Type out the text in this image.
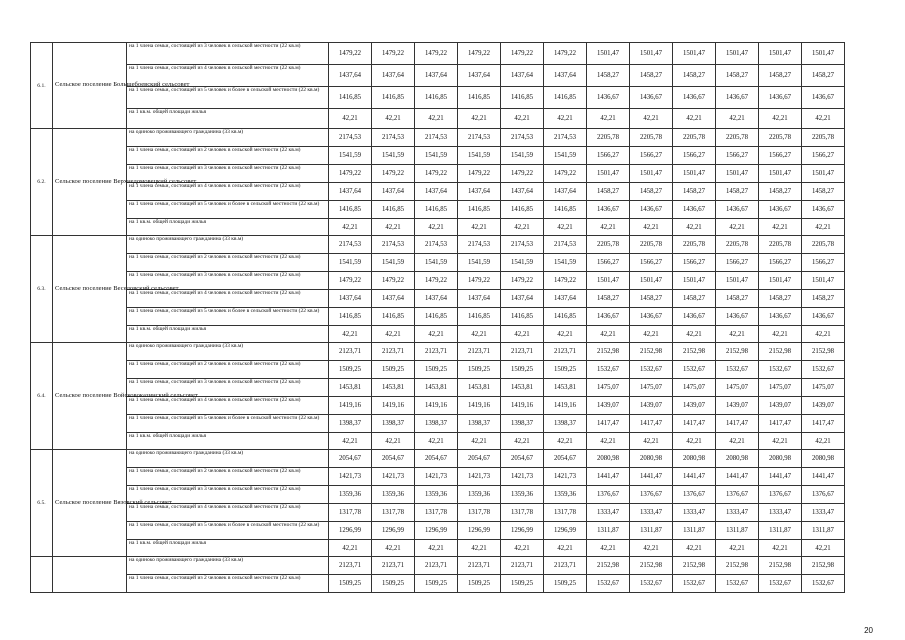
6.1.	Сельское поселение Большебоевский сельсовет	на 1 члена семьи, состоящей из 3 человек в сельской местности (22 кв.м)	1479,22	1479,22	1479,22	1479,22	1479,22	1479,22	1501,47	1501,47	1501,47	1501,47	1501,47	1501,47
		на 1 члена семьи, состоящей из 4 человек в сельской местности (22 кв.м)	1437,64	1437,64	1437,64	1437,64	1437,64	1437,64	1458,27	1458,27	1458,27	1458,27	1458,27	1458,27
		на 1 члена семьи, состоящей из 5 человек и более в сельской местности (22 кв.м)	1416,85	1416,85	1416,85	1416,85	1416,85	1416,85	1436,67	1436,67	1436,67	1436,67	1436,67	1436,67
		на 1 кв.м. общей площади жилья	42,21	42,21	42,21	42,21	42,21	42,21	42,21	42,21	42,21	42,21	42,21	42,21
6.2.	Сельское поселение Верхнедомовецкий сельсовет	на одиноко проживающего гражданина (33 кв.м)	2174,53	2174,53	2174,53	2174,53	2174,53	2174,53	2205,78	2205,78	2205,78	2205,78	2205,78	2205,78
		на 1 члена семьи, состоящей из 2 человек в сельской местности (22 кв.м)	1541,59	1541,59	1541,59	1541,59	1541,59	1541,59	1566,27	1566,27	1566,27	1566,27	1566,27	1566,27
		на 1 члена семьи, состоящей из 3 человек в сельской местности (22 кв.м)	1479,22	1479,22	1479,22	1479,22	1479,22	1479,22	1501,47	1501,47	1501,47	1501,47	1501,47	1501,47
		на 1 члена семьи, состоящей из 4 человек в сельской местности (22 кв.м)	1437,64	1437,64	1437,64	1437,64	1437,64	1437,64	1458,27	1458,27	1458,27	1458,27	1458,27	1458,27
		на 1 члена семьи, состоящей из 5 человек и более в сельской местности (22 кв.м)	1416,85	1416,85	1416,85	1416,85	1416,85	1416,85	1436,67	1436,67	1436,67	1436,67	1436,67	1436,67
		на 1 кв.м. общей площади жилья	42,21	42,21	42,21	42,21	42,21	42,21	42,21	42,21	42,21	42,21	42,21	42,21
6.3.	Сельское поселение Веселовский сельсовет	на одиноко проживающего гражданина (33 кв.м)	2174,53	2174,53	2174,53	2174,53	2174,53	2174,53	2205,78	2205,78	2205,78	2205,78	2205,78	2205,78
		на 1 члена семьи, состоящей из 2 человек в сельской местности (22 кв.м)	1541,59	1541,59	1541,59	1541,59	1541,59	1541,59	1566,27	1566,27	1566,27	1566,27	1566,27	1566,27
		на 1 члена семьи, состоящей из 3 человек в сельской местности (22 кв.м)	1479,22	1479,22	1479,22	1479,22	1479,22	1479,22	1501,47	1501,47	1501,47	1501,47	1501,47	1501,47
		на 1 члена семьи, состоящей из 4 человек в сельской местности (22 кв.м)	1437,64	1437,64	1437,64	1437,64	1437,64	1437,64	1458,27	1458,27	1458,27	1458,27	1458,27	1458,27
		на 1 члена семьи, состоящей из 5 человек и более в сельской местности (22 кв.м)	1416,85	1416,85	1416,85	1416,85	1416,85	1416,85	1436,67	1436,67	1436,67	1436,67	1436,67	1436,67
		на 1 кв.м. общей площади жилья	42,21	42,21	42,21	42,21	42,21	42,21	42,21	42,21	42,21	42,21	42,21	42,21
6.4.	Сельское поселение Войсковоказинский сельсовет	на одиноко проживающего гражданина (33 кв.м)	2123,71	2123,71	2123,71	2123,71	2123,71	2123,71	2152,98	2152,98	2152,98	2152,98	2152,98	2152,98
		на 1 члена семьи, состоящей из 2 человек в сельской местности (22 кв.м)	1509,25	1509,25	1509,25	1509,25	1509,25	1509,25	1532,67	1532,67	1532,67	1532,67	1532,67	1532,67
		на 1 члена семьи, состоящей из 3 человек в сельской местности (22 кв.м)	1453,81	1453,81	1453,81	1453,81	1453,81	1453,81	1475,07	1475,07	1475,07	1475,07	1475,07	1475,07
		на 1 члена семьи, состоящей из 4 человек в сельской местности (22 кв.м)	1419,16	1419,16	1419,16	1419,16	1419,16	1419,16	1439,07	1439,07	1439,07	1439,07	1439,07	1439,07
		на 1 члена семьи, состоящей из 5 человек и более в сельской местности (22 кв.м)	1398,37	1398,37	1398,37	1398,37	1398,37	1398,37	1417,47	1417,47	1417,47	1417,47	1417,47	1417,47
		на 1 кв.м. общей площади жилья	42,21	42,21	42,21	42,21	42,21	42,21	42,21	42,21	42,21	42,21	42,21	42,21
6.5.	Сельское поселение Вязовский сельсовет	на одиноко проживающего гражданина (33 кв.м)	2054,67	2054,67	2054,67	2054,67	2054,67	2054,67	2080,98	2080,98	2080,98	2080,98	2080,98	2080,98
		на 1 члена семьи, состоящей из 2 человек в сельской местности (22 кв.м)	1421,73	1421,73	1421,73	1421,73	1421,73	1421,73	1441,47	1441,47	1441,47	1441,47	1441,47	1441,47
		на 1 члена семьи, состоящей из 3 человек в сельской местности (22 кв.м)	1359,36	1359,36	1359,36	1359,36	1359,36	1359,36	1376,67	1376,67	1376,67	1376,67	1376,67	1376,67
		на 1 члена семьи, состоящей из 4 человек в сельской местности (22 кв.м)	1317,78	1317,78	1317,78	1317,78	1317,78	1317,78	1333,47	1333,47	1333,47	1333,47	1333,47	1333,47
		на 1 члена семьи, состоящей из 5 человек и более в сельской местности (22 кв.м)	1296,99	1296,99	1296,99	1296,99	1296,99	1296,99	1311,87	1311,87	1311,87	1311,87	1311,87	1311,87
		на 1 кв.м. общей площади жилья	42,21	42,21	42,21	42,21	42,21	42,21	42,21	42,21	42,21	42,21	42,21	42,21
		на одиноко проживающего гражданина (33 кв.м)	2123,71	2123,71	2123,71	2123,71	2123,71	2123,71	2152,98	2152,98	2152,98	2152,98	2152,98	2152,98
		на 1 члена семьи, состоящей из 2 человек в сельской местности (22 кв.м)	1509,25	1509,25	1509,25	1509,25	1509,25	1509,25	1532,67	1532,67	1532,67	1532,67	1532,67	1532,67
20
